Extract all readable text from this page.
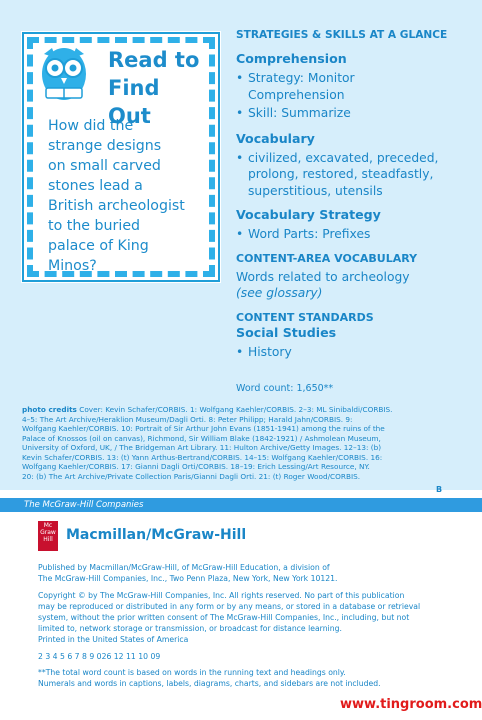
Read to
Find Out
How did the
strange designs
on small carved
stones lead a
British archeologist
to the buried
palace of King
Minos?

STRATEGIES & SKILLS AT A GLANCE

Comprehension

• Strategy: Monitor
Comprehension

• Skill: Summarize

Vocabulary

• civilized, excavated, preceded,
prolong, restored, steadfastly,
superstitious, utensils

Vocabulary Strategy

• Word Parts: Prefixes

CONTENT-AREA VOCABULARY

Words related to archeology

(see glossary)

CONTENT STANDARDS

Social Studies

• History

Word count: 1,650**

photo credits Cover: Kevin Schafer/CORBIS. 1: Wolfgang Kaehler/CORBIS. 2–3: ML Sinibaldi/CORBIS.
4–5: The Art Archive/Heraklion Museum/Dagli Orti. 8: Peter Philipp; Harald Jahn/CORBIS. 9:
Wolfgang Kaehler/CORBIS. 10: Portrait of Sir Arthur John Evans (1851-1941) among the ruins of the
Palace of Knossos (oil on canvas), Richmond, Sir William Blake (1842-1921) / Ashmolean Museum,
University of Oxford, UK, / The Bridgeman Art Library. 11: Hulton Archive/Getty Images. 12–13: (b)
Kevin Schafer/CORBIS. 13: (t) Yann Arthus-Bertrand/CORBIS. 14–15: Wolfgang Kaehler/CORBIS. 16:
Wolfgang Kaehler/CORBIS. 17: Gianni Dagli Orti/CORBIS. 18–19: Erich Lessing/Art Resource, NY.
20: (b) The Art Archive/Private Collection Paris/Gianni Dagli Orti. 21: (t) Roger Wood/CORBIS.
B
The McGraw-Hill Companies
Mc
Graw
Hill Macmillan/McGraw-Hill
Published by Macmillan/McGraw-Hill, of McGraw-Hill Education, a division of
The McGraw-Hill Companies, Inc., Two Penn Plaza, New York, New York 10121.
Copyright © by The McGraw-Hill Companies, Inc. All rights reserved. No part of this publication
may be reproduced or distributed in any form or by any means, or stored in a database or retrieval
system, without the prior written consent of The McGraw-Hill Companies, Inc., including, but not
limited to, network storage or transmission, or broadcast for distance learning.
Printed in the United States of America
2 3 4 5 6 7 8 9 026 12 11 10 09
**The total word count is based on words in the running text and headings only.
Numerals and words in captions, labels, diagrams, charts, and sidebars are not included.
www.tingroom.com
